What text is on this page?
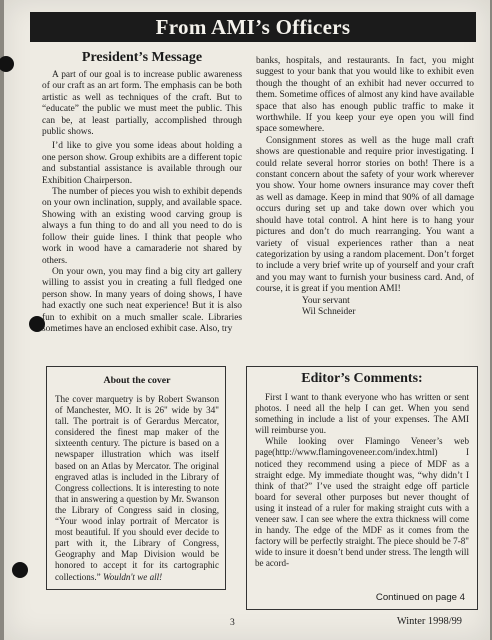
From AMI’s Officers
President’s Message

A part of our goal is to increase public awareness of our craft as an art form. The emphasis can be both artistic as well as techniques of the craft. But to “educate” the public we must meet the public. This can be, at least partially, accomplished through public shows.

I’d like to give you some ideas about holding a one person show. Group exhibits are a different topic and substantial assistance is available through our Exhibition Chairperson.

The number of pieces you wish to exhibit depends on your own inclination, supply, and available space. Showing with an existing wood carving group is always a fun thing to do and all you need to do is follow their guide lines. I think that people who work in wood have a camaraderie not shared by others.

On your own, you may find a big city art gallery willing to assist you in creating a full fledged one person show. In many years of doing shows, I have had exactly one such neat experience! But it is also fun to exhibit on a much smaller scale. Libraries sometimes have an enclosed exhibit case. Also, try

banks, hospitals, and restaurants. In fact, you might suggest to your bank that you would like to exhibit even though the thought of an exhibit had never occurred to them. Sometime offices of almost any kind have available space that also has enough public traffic to make it worthwhile. If you keep your eye open you will find space somewhere.

Consignment stores as well as the huge mall craft shows are questionable and require prior investigating. I could relate several horror stories on both! There is a constant concern about the safety of your work wherever you show. Your home owners insurance may cover theft as well as damage. Keep in mind that 90% of all damage occurs during set up and take down over which you should have total control. A hint here is to hang your pictures and don’t do much rearranging. You want a variety of visual experiences rather than a neat categorization by using a random placement. Don’t forget to include a very brief write up of yourself and your craft and you may want to furnish your business card. And, of course, it is great if you mention AMI!

Your servant
Wil Schneider
About the cover

The cover marquetry is by Robert Swanson of Manchester, MO. It is 26" wide by 34" tall. The portrait is of Gerardus Mercator, considered the finest map maker of the sixteenth century. The picture is based on a newspaper illustration which was itself based on an Atlas by Mercator. The original engraved atlas is included in the Library of Congress collections. It is interesting to note that in answering a question by Mr. Swanson the Library of Congress said in closing, “Your wood inlay portrait of Mercator is most beautiful. If you should ever decide to part with it, the Library of Congress, Geography and Map Division would be honored to accept it for its cartographic collections.” Wouldn't we all!

Editor’s Comments:

First I want to thank everyone who has written or sent photos. I need all the help I can get. When you send something in include a list of your expenses. The AMI will reimburse you.

While looking over Flamingo Veneer’s web page(http://www.flamingoveneer.com/index.html) I noticed they recommend using a piece of MDF as a straight edge. My immediate thought was, “why didn’t I think of that?” I’ve used the straight edge off particle board for several other purposes but never thought of using it instead of a ruler for making straight cuts with a veneer saw. I can see where the extra thickness will come in handy. The edge of the MDF as it comes from the factory will be perfectly straight. The piece should be 7-8" wide to insure it doesn’t bend under stress. The length will be acord-

Continued on page 4
3	Winter 1998/99
